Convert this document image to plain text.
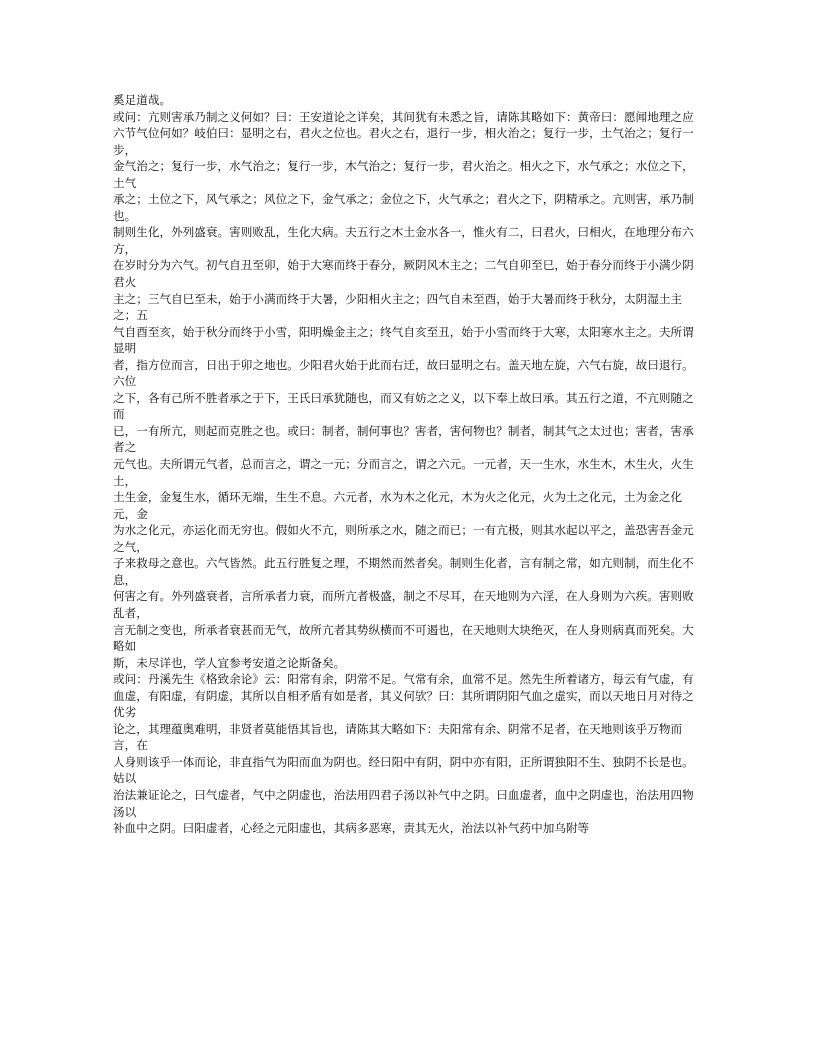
奚足道哉。

或问：亢则害承乃制之义何如？曰：王安道论之详矣，其间犹有未悉之旨，请陈其略如下：黄帝曰：愿闻地理之应

六节气位何如？岐伯曰：显明之右，君火之位也。君火之右，退行一步，相火治之；复行一步，土气治之；复行一步，

金气治之；复行一步，水气治之；复行一步，木气治之；复行一步，君火治之。相火之下，水气承之；水位之下，土气

承之；土位之下，风气承之；风位之下，金气承之；金位之下，火气承之；君火之下，阴精承之。亢则害，承乃制也。

制则生化，外列盛衰。害则败乱，生化大病。夫五行之木土金水各一，惟火有二，曰君火，曰相火，在地理分布六方，

在岁时分为六气。初气自丑至卯，始于大寒而终于春分，厥阴风木主之；二气自卯至巳，始于春分而终于小满少阴君火

主之；三气自巳至未，始于小满而终于大暑，少阳相火主之；四气自未至酉，始于大暑而终于秋分，太阴湿土主之；五

气自酉至亥，始于秋分而终于小雪，阳明燥金主之；终气自亥至丑，始于小雪而终于大寒，太阳寒水主之。夫所谓显明

者，指方位而言，日出于卯之地也。少阳君火始于此而右迁，故曰显明之右。盖天地左旋，六气右旋，故曰退行。六位

之下，各有己所不胜者承之于下，王氏曰承犹随也，而又有妨之之义，以下奉上故曰承。其五行之道，不亢则随之而

已，一有所亢，则起而克胜之也。或曰：制者，制何事也？害者，害何物也？制者，制其气之太过也；害者，害承者之

元气也。夫所谓元气者，总而言之，谓之一元；分而言之，谓之六元。一元者，天一生水，水生木，木生火，火生土，

土生金，金复生水，循环无端，生生不息。六元者，水为木之化元，木为火之化元，火为土之化元，土为金之化元，金

为水之化元，亦运化而无穷也。假如火不亢，则所承之水，随之而已；一有亢极，则其水起以平之，盖恐害吾金元之气，

子来救母之意也。六气皆然。此五行胜复之理，不期然而然者矣。制则生化者，言有制之常，如亢则制，而生化不息，

何害之有。外列盛衰者，言所承者力衰，而所亢者极盛，制之不尽耳，在天地则为六淫，在人身则为六疾。害则败乱者，

言无制之变也，所承者衰甚而无气，故所亢者其势纵横而不可遏也，在天地则大块绝灭，在人身则病真而死矣。大略如

斯，未尽详也，学人宜参考安道之论斯备矣。

或问：丹溪先生《格致余论》云：阳常有余，阴常不足。气常有余，血常不足。然先生所着诸方，每云有气虚，有

血虚，有阳虚，有阴虚，其所以自相矛盾有如是者，其义何欤？曰：其所谓阴阳气血之虚实，而以天地日月对待之优劣

论之，其理蕴奥难明，非贤者莫能悟其旨也，请陈其大略如下：夫阳常有余、阴常不足者，在天地则该乎万物而言，在

人身则该乎一体而论，非直指气为阳而血为阴也。经曰阳中有阴，阴中亦有阳，正所谓独阳不生、独阴不长是也。姑以

治法兼证论之，曰气虚者，气中之阴虚也，治法用四君子汤以补气中之阴。曰血虚者，血中之阴虚也，治法用四物汤以

补血中之阴。曰阳虚者，心经之元阳虚也，其病多恶寒，责其无火，治法以补气药中加乌附等
